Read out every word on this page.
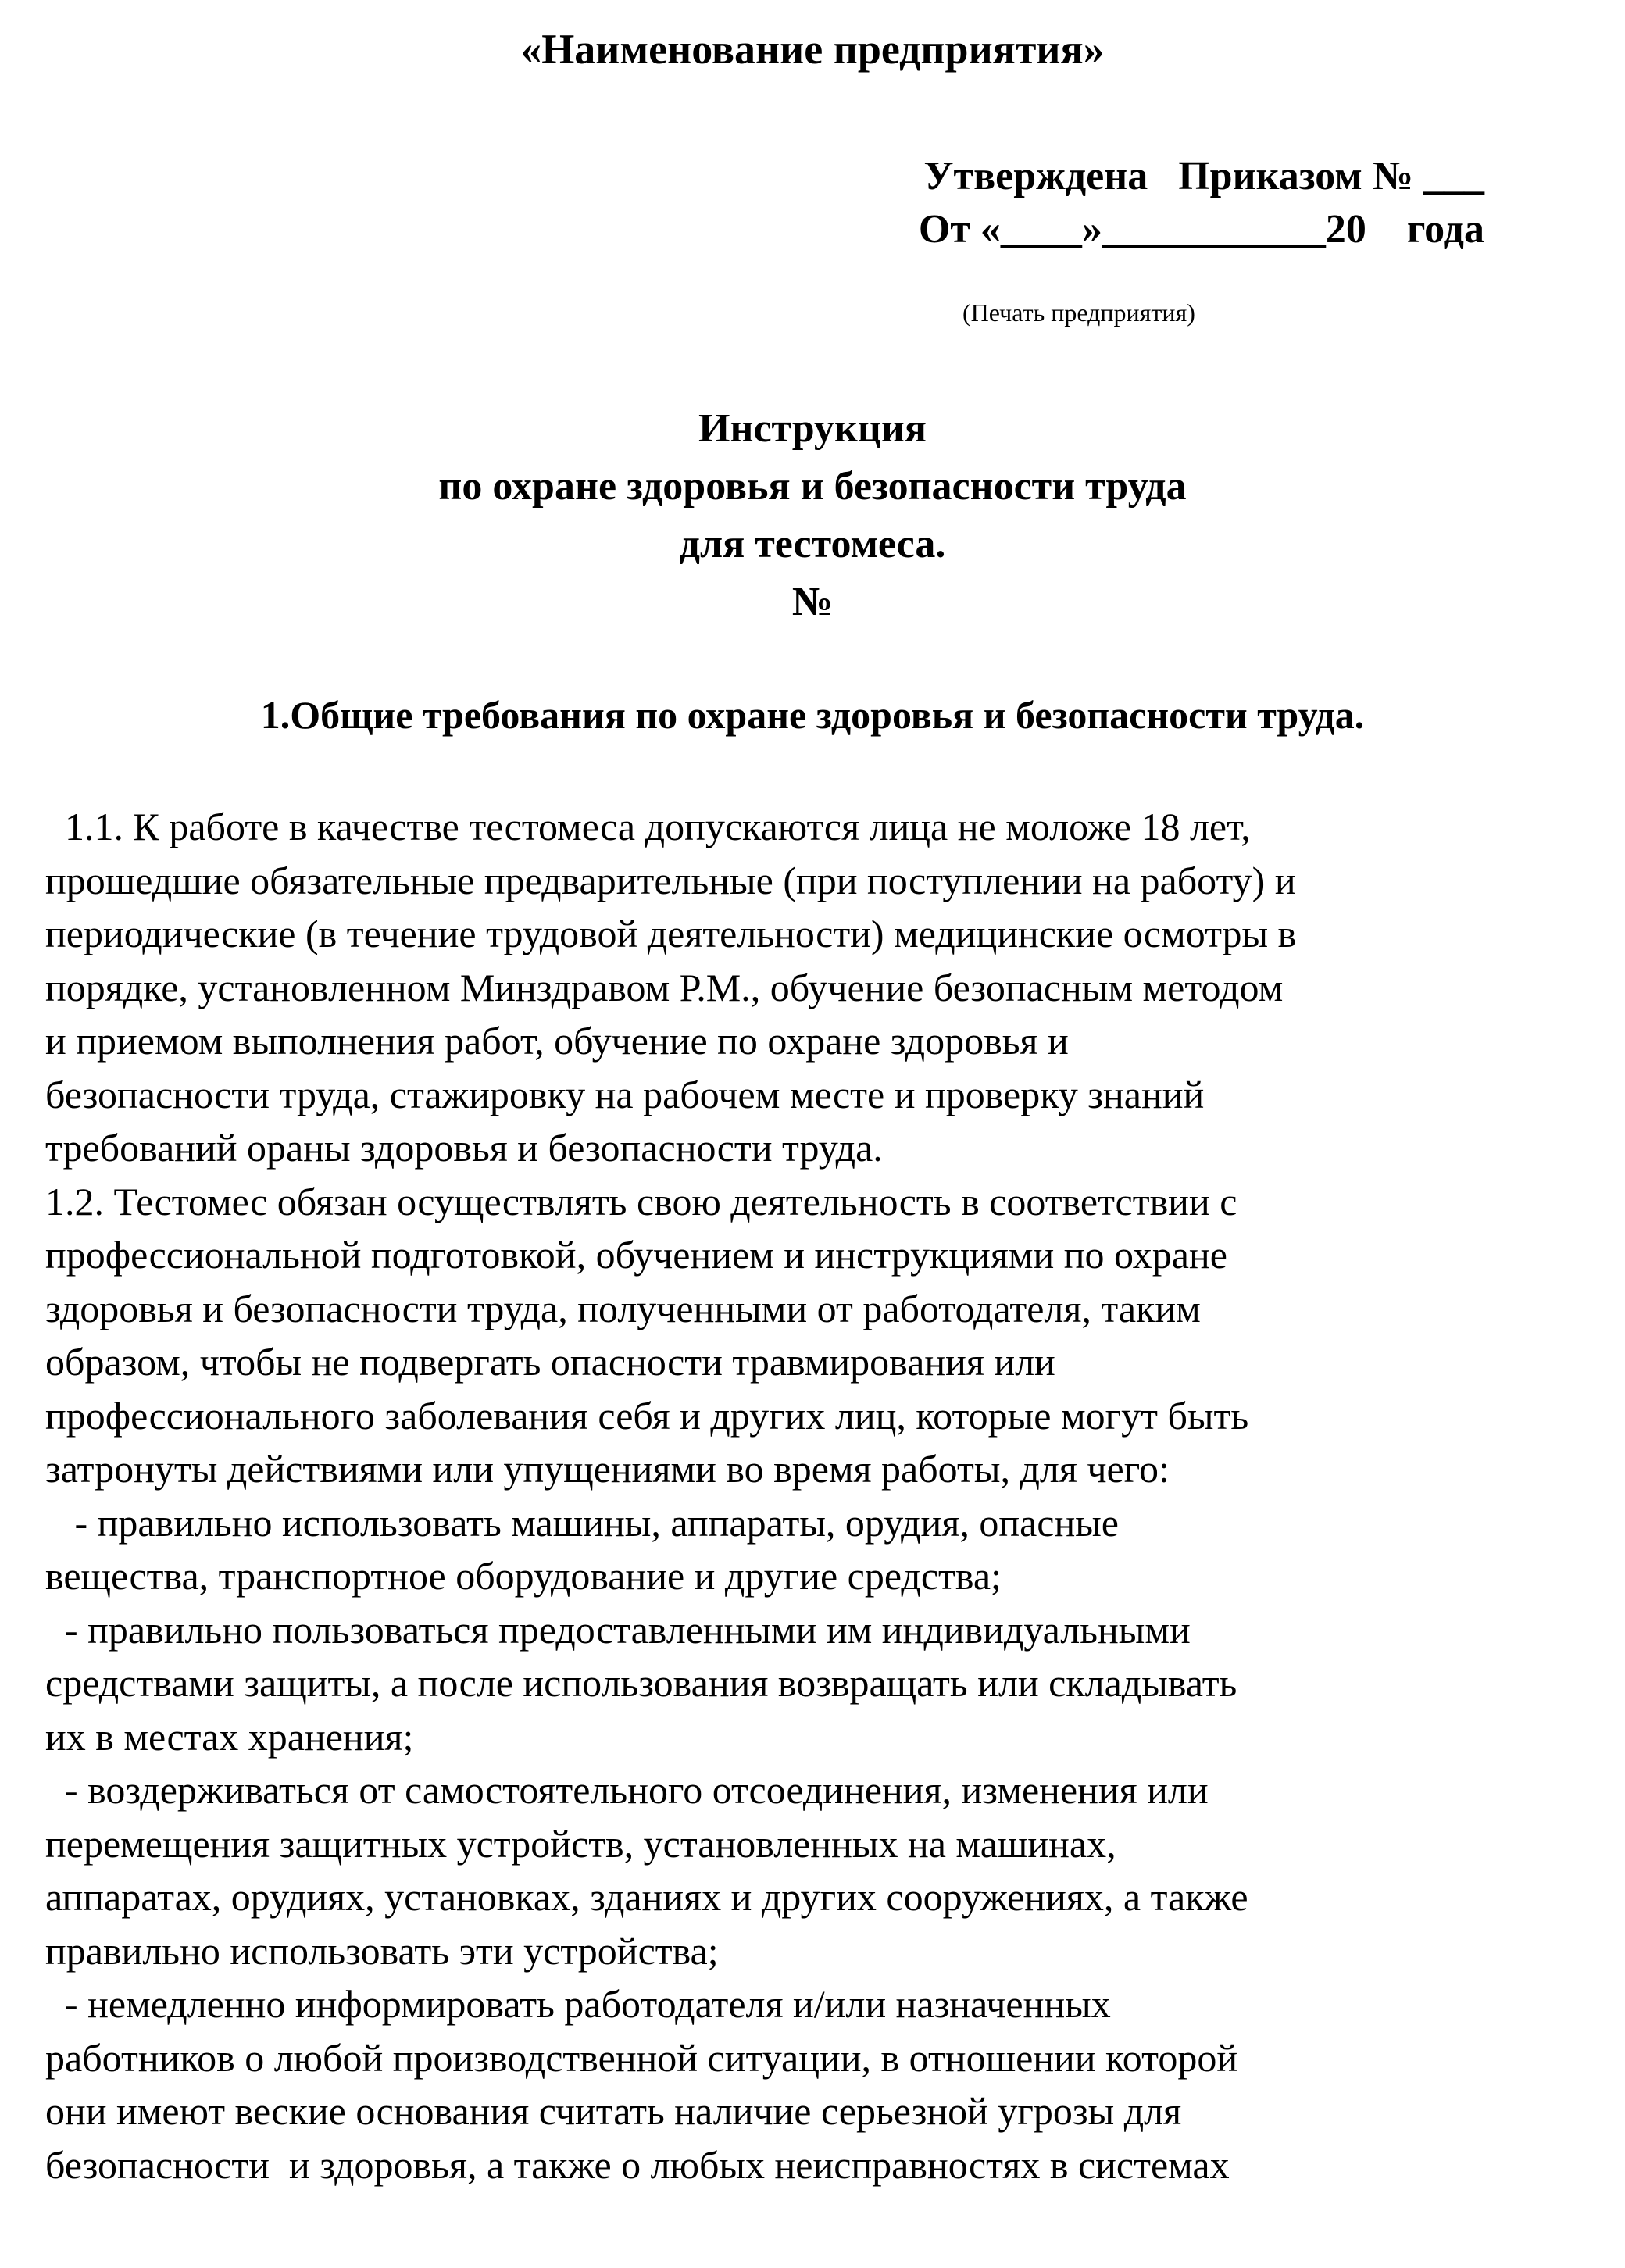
«Наименование предприятия»
Утверждена   Приказом № ___
От «____»___________20    года
(Печать предприятия)
Инструкция
по охране здоровья и безопасности труда
для тестомеса.
№
1.Общие требования по охране здоровья и безопасности труда.
1.1. К работе в качестве тестомеса допускаются лица не моложе 18 лет,
прошедшие обязательные предварительные (при поступлении на работу) и
периодические (в течение трудовой деятельности) медицинские осмотры в
порядке, установленном Минздравом Р.М., обучение безопасным методом
и приемом выполнения работ, обучение по охране здоровья и
безопасности труда, стажировку на рабочем месте и проверку знаний
требований ораны здоровья и безопасности труда.
1.2. Тестомес обязан осуществлять свою деятельность в соответствии с
профессиональной подготовкой, обучением и инструкциями по охране
здоровья и безопасности труда, полученными от работодателя, таким
образом, чтобы не подвергать опасности травмирования или
профессионального заболевания себя и других лиц, которые могут быть
затронуты действиями или упущениями во время работы, для чего:
- правильно использовать машины, аппараты, орудия, опасные
вещества, транспортное оборудование и другие средства;
- правильно пользоваться предоставленными им индивидуальными
средствами защиты, а после использования возвращать или складывать
их в местах хранения;
- воздерживаться от самостоятельного отсоединения, изменения или
перемещения защитных устройств, установленных на машинах,
аппаратах, орудиях, установках, зданиях и других сооружениях, а также
правильно использовать эти устройства;
- немедленно информировать работодателя и/или назначенных
работников о любой производственной ситуации, в отношении которой
они имеют веские основания считать наличие серьезной угрозы для
безопасности  и здоровья, а также о любых неисправностях в системах
